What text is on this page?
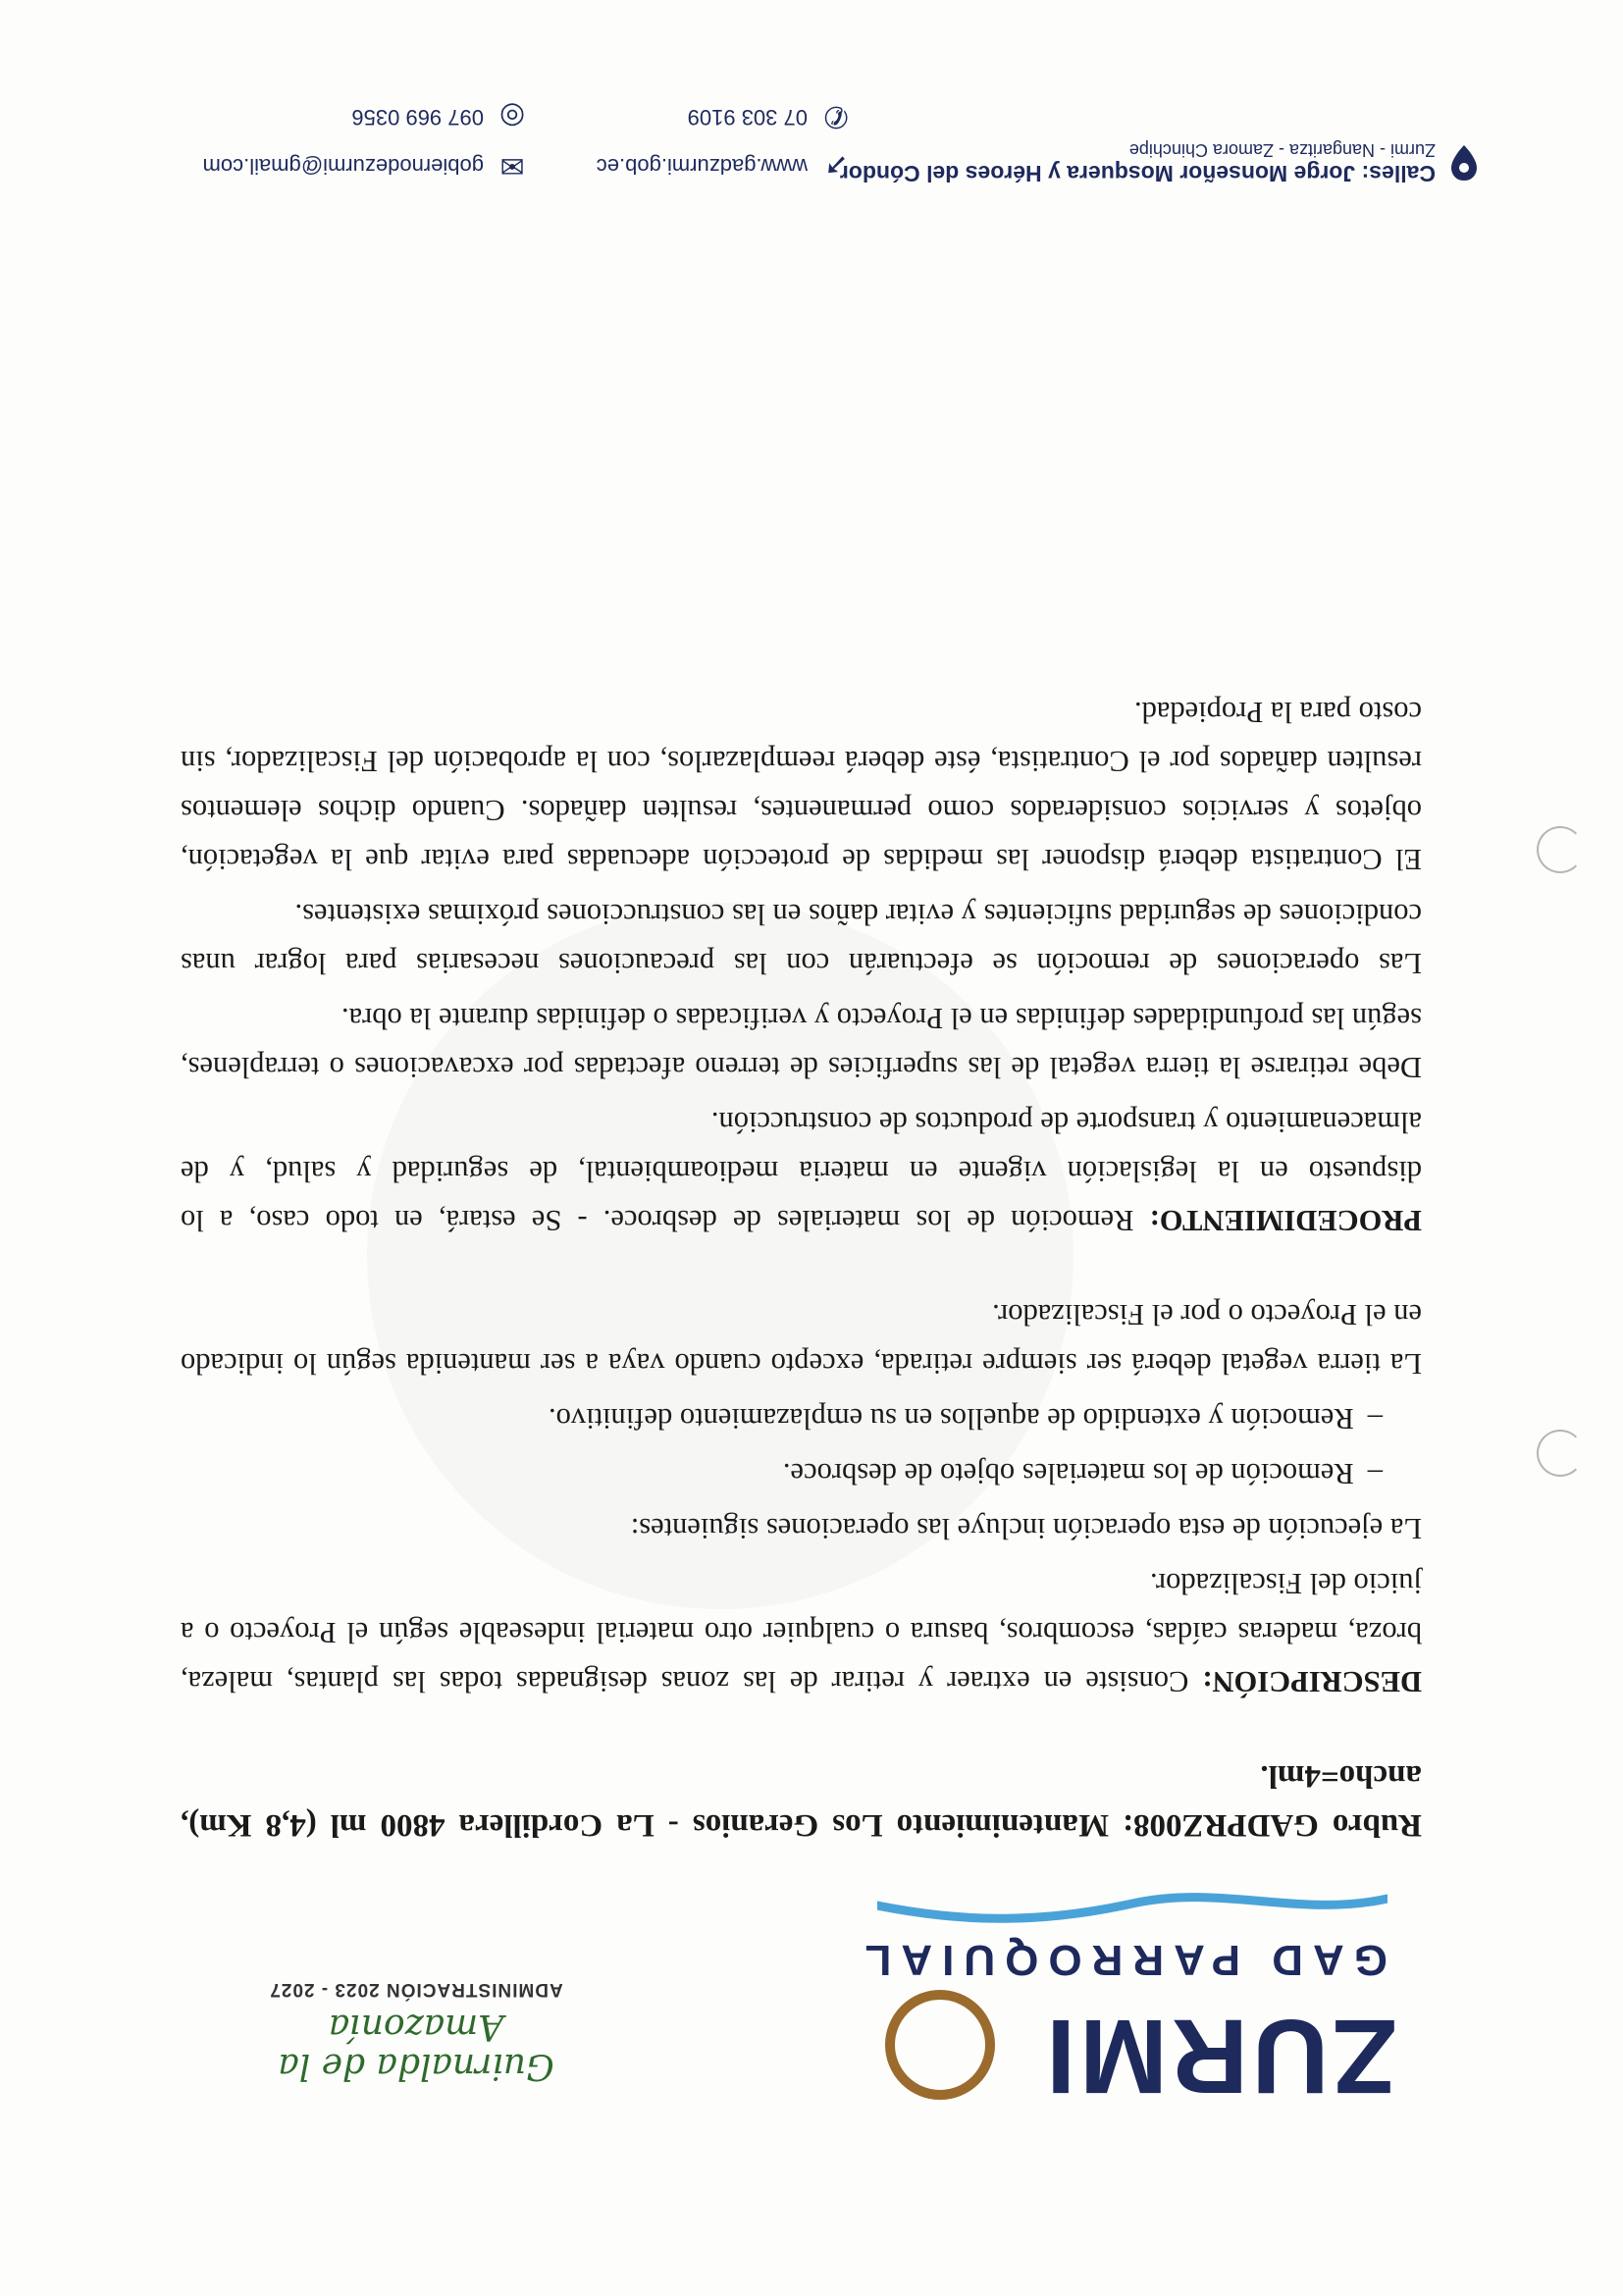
ZURMI
GAD PARROQUIAL
Guirnalda de la Amazonía
ADMINISTRACIÓN 2023 - 2027

Rubro GADPRZ008: Mantenimiento Los Geranios - La Cordillera 4800 ml (4,8 Km), ancho=4ml.

DESCRIPCIÓN: Consiste en extraer y retirar de las zonas designadas todas las plantas, maleza, broza, maderas caídas, escombros, basura o cualquier otro material indeseable según el Proyecto o a juicio del Fiscalizador.

La ejecución de esta operación incluye las operaciones siguientes:

– Remoción de los materiales objeto de desbroce.

– Remoción y extendido de aquellos en su emplazamiento definitivo.

La tierra vegetal deberá ser siempre retirada, excepto cuando vaya a ser mantenida según lo indicado en el Proyecto o por el Fiscalizador.

PROCEDIMIENTO: Remoción de los materiales de desbroce. - Se estará, en todo caso, a lo dispuesto en la legislación vigente en materia medioambiental, de seguridad y salud, y de almacenamiento y transporte de productos de construcción.

Debe retirarse la tierra vegetal de las superficies de terreno afectadas por excavaciones o terraplenes, según las profundidades definidas en el Proyecto y verificadas o definidas durante la obra.

Las operaciones de remoción se efectuarán con las precauciones necesarias para lograr unas condiciones de seguridad suficientes y evitar daños en las construcciones próximas existentes.

El Contratista deberá disponer las medidas de protección adecuadas para evitar que la vegetación, objetos y servicios considerados como permanentes, resulten dañados. Cuando dichos elementos resulten dañados por el Contratista, éste deberá reemplazarlos, con la aprobación del Fiscalizador, sin costo para la Propiedad.

Calles: Jorge Monseñor Mosquera y Héroes del Cóndor
Zurmi - Nangaritza - Zamora Chinchipe
➚
www.gadzurmi.gob.ec
✆
07 303 9109
✉
gobiernodezurmi@gmail.com
◎
097 969 0356
